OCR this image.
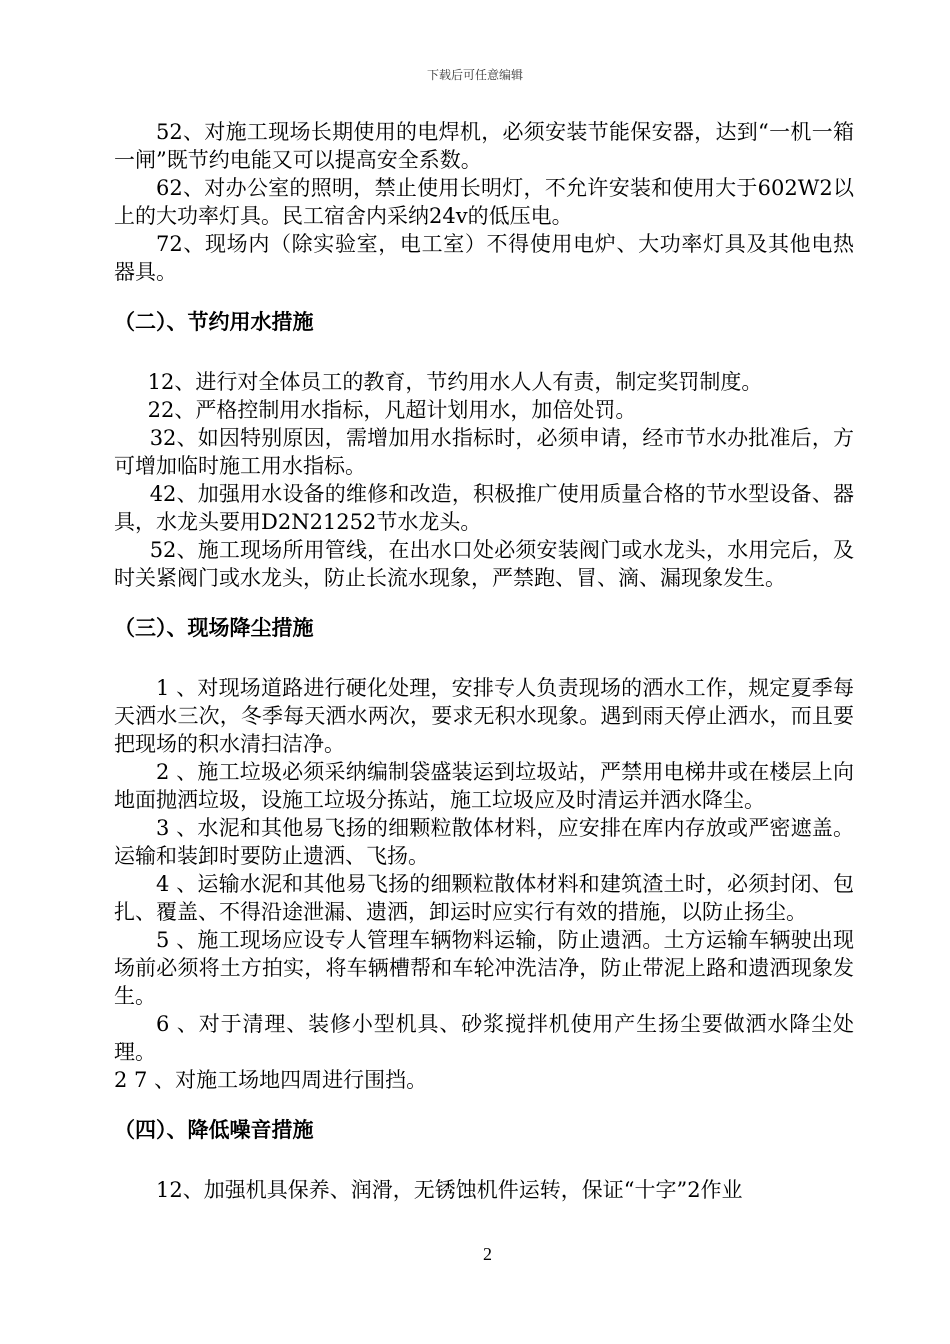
下载后可任意编辑

52、对施工现场长期使用的电焊机，必须安装节能保安器，达到“一机一箱一闸”既节约电能又可以提高安全系数。

62、对办公室的照明，禁止使用长明灯，不允许安装和使用大于602W2以上的大功率灯具。民工宿舍内采纳24v的低压电。

72、现场内（除实验室，电工室）不得使用电炉、大功率灯具及其他电热器具。

（二）、节约用水措施

12、进行对全体员工的教育，节约用水人人有责，制定奖罚制度。

22、严格控制用水指标，凡超计划用水，加倍处罚。

32、如因特别原因，需增加用水指标时，必须申请，经市节水办批准后，方可增加临时施工用水指标。

42、加强用水设备的维修和改造，积极推广使用质量合格的节水型设备、器具，水龙头要用D2N21252节水龙头。

52、施工现场所用管线，在出水口处必须安装阀门或水龙头，水用完后，及时关紧阀门或水龙头，防止长流水现象，严禁跑、冒、滴、漏现象发生。

（三）、现场降尘措施

1 、对现场道路进行硬化处理，安排专人负责现场的洒水工作，规定夏季每天洒水三次，冬季每天洒水两次，要求无积水现象。遇到雨天停止洒水，而且要把现场的积水清扫洁净。

2 、施工垃圾必须采纳编制袋盛装运到垃圾站，严禁用电梯井或在楼层上向地面抛洒垃圾，设施工垃圾分拣站，施工垃圾应及时清运并洒水降尘。

3 、水泥和其他易飞扬的细颗粒散体材料，应安排在库内存放或严密遮盖。运输和装卸时要防止遗洒、飞扬。

4 、运输水泥和其他易飞扬的细颗粒散体材料和建筑渣土时，必须封闭、包扎、覆盖、不得沿途泄漏、遗洒，卸运时应实行有效的措施，以防止扬尘。

5 、施工现场应设专人管理车辆物料运输，防止遗洒。土方运输车辆驶出现场前必须将土方拍实，将车辆槽帮和车轮冲洗洁净，防止带泥上路和遗洒现象发生。

6 、对于清理、装修小型机具、砂浆搅拌机使用产生扬尘要做洒水降尘处理。

2 7 、对施工场地四周进行围挡。

（四）、降低噪音措施

12、加强机具保养、润滑，无锈蚀机件运转，保证“十字”2作业

2
